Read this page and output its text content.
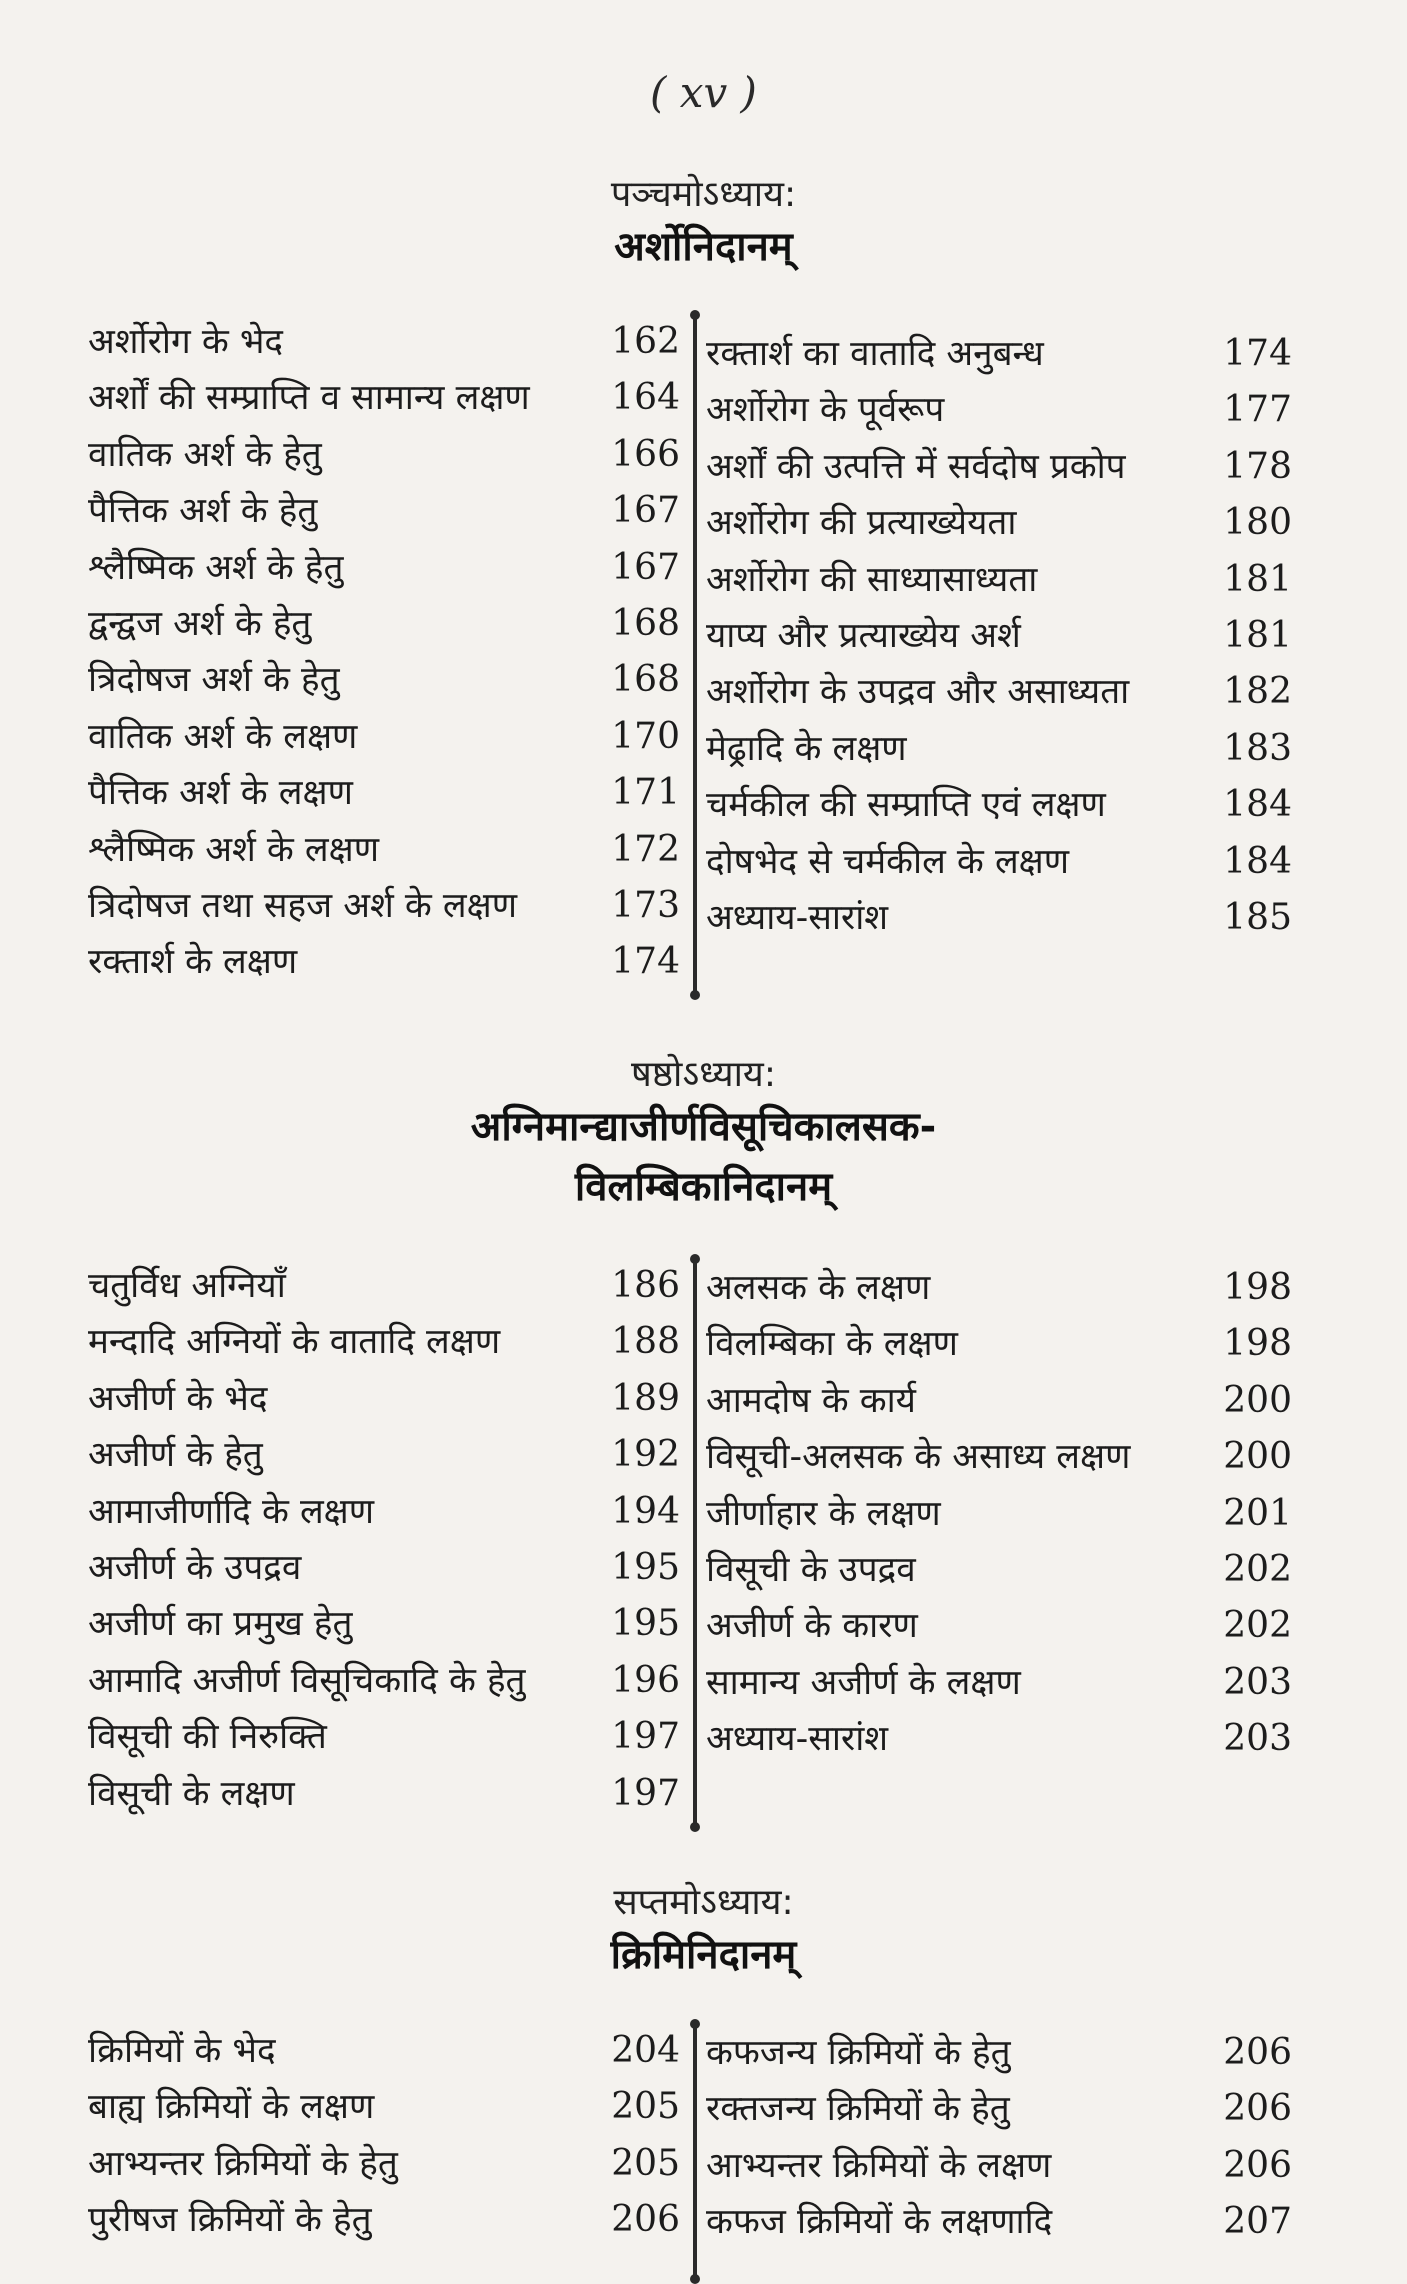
( xv )
पञ्चमोऽध्याय:
अर्शोनिदानम्
अर्शोरोग के भेद	162
अर्शों की सम्प्राप्ति व सामान्य लक्षण 164
वातिक अर्श के हेतु	166
पैत्तिक अर्श के हेतु	167
श्लैष्मिक अर्श के हेतु	167
द्वन्द्वज अर्श के हेतु	168
त्रिदोषज अर्श के हेतु	168
वातिक अर्श के लक्षण	170
पैत्तिक अर्श के लक्षण	171
श्लैष्मिक अर्श के लक्षण	172
त्रिदोषज तथा सहज अर्श के लक्षण	173
रक्तार्श के लक्षण	174
रक्तार्श का वातादि अनुबन्ध	174
अर्शोरोग के पूर्वरूप	177
अर्शों की उत्पत्ति में सर्वदोष प्रकोप	178
अर्शोरोग की प्रत्याख्येयता	180
अर्शोरोग की साध्यासाध्यता	181
याप्य और प्रत्याख्येय अर्श	181
अर्शोरोग के उपद्रव और असाध्यता	182
मेढ्रादि के लक्षण	183
चर्मकील की सम्प्राप्ति एवं लक्षण	184
दोषभेद से चर्मकील के लक्षण	184
अध्याय-सारांश	185
षष्ठोऽध्याय:
अग्निमान्द्याजीर्णविसूचिकालसक-
विलम्बिकानिदानम्
चतुर्विध अग्नियाँ	186
मन्दादि अग्नियों के वातादि लक्षण	188
अजीर्ण के भेद	189
अजीर्ण के हेतु	192
आमाजीर्णादि के लक्षण	194
अजीर्ण के उपद्रव	195
अजीर्ण का प्रमुख हेतु	195
आमादि अजीर्ण विसूचिकादि के हेतु 196
विसूची की निरुक्ति	197
विसूची के लक्षण	197
अलसक के लक्षण	198
विलम्बिका के लक्षण	198
आमदोष के कार्य	200
विसूची-अलसक के असाध्य लक्षण	200
जीर्णाहार के लक्षण	201
विसूची के उपद्रव	202
अजीर्ण के कारण	202
सामान्य अजीर्ण के लक्षण	203
अध्याय-सारांश	203
सप्तमोऽध्याय:
क्रिमिनिदानम्
क्रिमियों के भेद	204
बाह्य क्रिमियों के लक्षण	205
आभ्यन्तर क्रिमियों के हेतु	205
पुरीषज क्रिमियों के हेतु	206
कफजन्य क्रिमियों के हेतु	206
रक्तजन्य क्रिमियों के हेतु	206
आभ्यन्तर क्रिमियों के लक्षण	206
कफज क्रिमियों के लक्षणादि	207
